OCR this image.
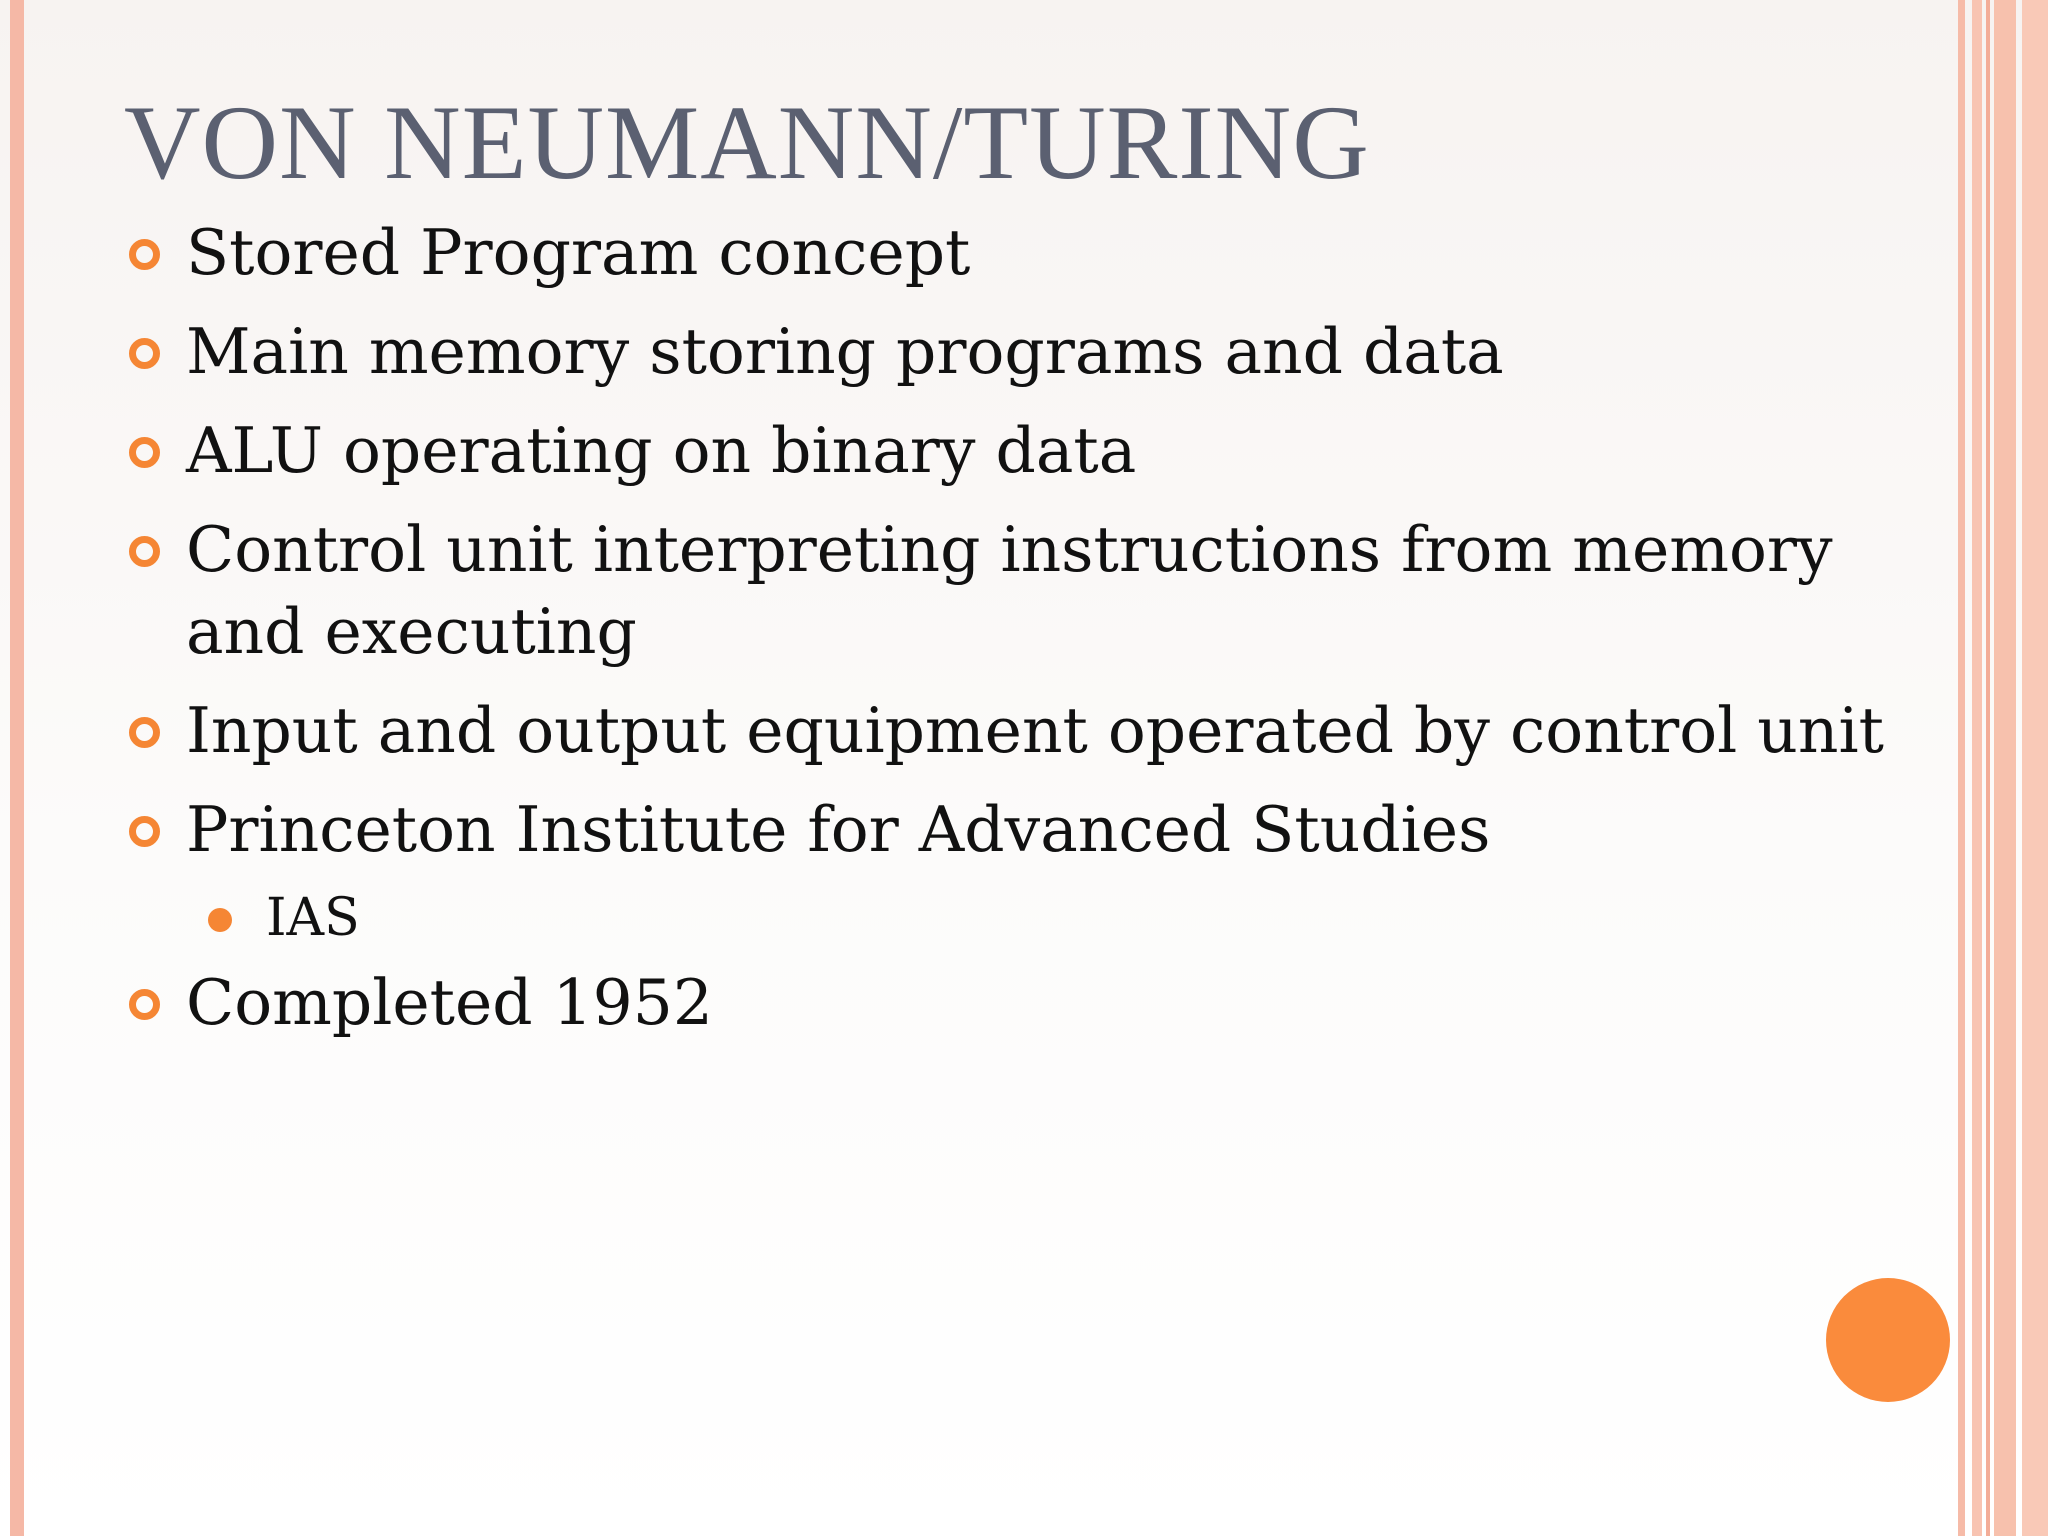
VON NEUMANN/TURING
Stored Program concept
Main memory storing programs and data
ALU operating on binary data
Control unit interpreting instructions from memory and executing
Input and output equipment operated by control unit
Princeton Institute for Advanced Studies
IAS
Completed 1952
